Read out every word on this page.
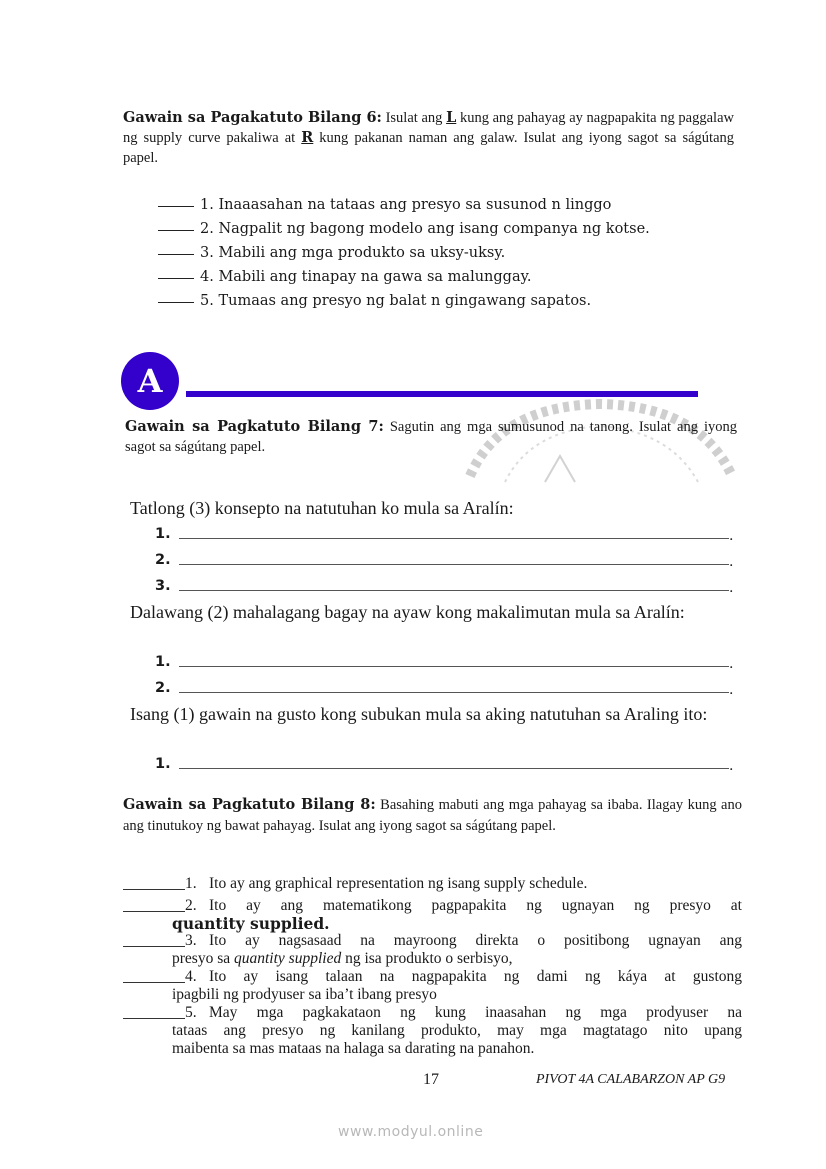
Gawain sa Pagakatuto Bilang 6: Isulat ang L kung ang pahayag ay nagpapakita ng paggalaw ng supply curve pakaliwa at R kung pakanan naman ang galaw. Isulat ang iyong sagot sa ságútang papel.
1. Inaaasahan na tataas ang presyo sa susunod n linggo
2. Nagpalit ng bagong modelo ang isang companya ng kotse.
3. Mabili ang mga produkto sa uksy-uksy.
4. Mabili ang tinapay na gawa sa malunggay.
5. Tumaas ang presyo ng balat n gingawang sapatos.
A
Gawain sa Pagkatuto Bilang 7: Sagutin ang mga sumusunod na tanong. Isulat ang iyong sagot sa ságútang papel.
Tatlong (3) konsepto na natutuhan ko mula sa Aralín:
1.	.
2.	.
3.	.
Dalawang (2) mahalagang bagay na ayaw kong makalimutan mula sa Aralín:
1.	.
2.	.
Isang (1) gawain na gusto kong subukan mula sa aking natutuhan sa Araling ito:
1.	.
Gawain sa Pagkatuto Bilang 8: Basahing mabuti ang mga pahayag sa ibaba. Ilagay kung ano ang tinutukoy ng bawat pahayag. Isulat ang iyong sagot sa ságútang papel.
1. Ito ay ang graphical representation ng isang supply schedule.
2. Ito ay ang matematikong pagpapakita ng ugnayan ng presyo at
quantity supplied.
3. Ito ay nagsasaad na mayroong direkta o positibong ugnayan ang
presyo sa quantity supplied ng isa produkto o serbisyo,
4. Ito ay isang talaan na nagpapakita ng dami ng káya at gustong
ipagbili ng prodyuser sa iba’t ibang presyo
5. May mga pagkakataon ng kung inaasahan ng mga prodyuser na
tataas ang presyo ng kanilang produkto, may mga magtatago nito upang
maibenta sa mas mataas na halaga sa darating na panahon.
17	PIVOT 4A CALABARZON AP G9
www.modyul.online
